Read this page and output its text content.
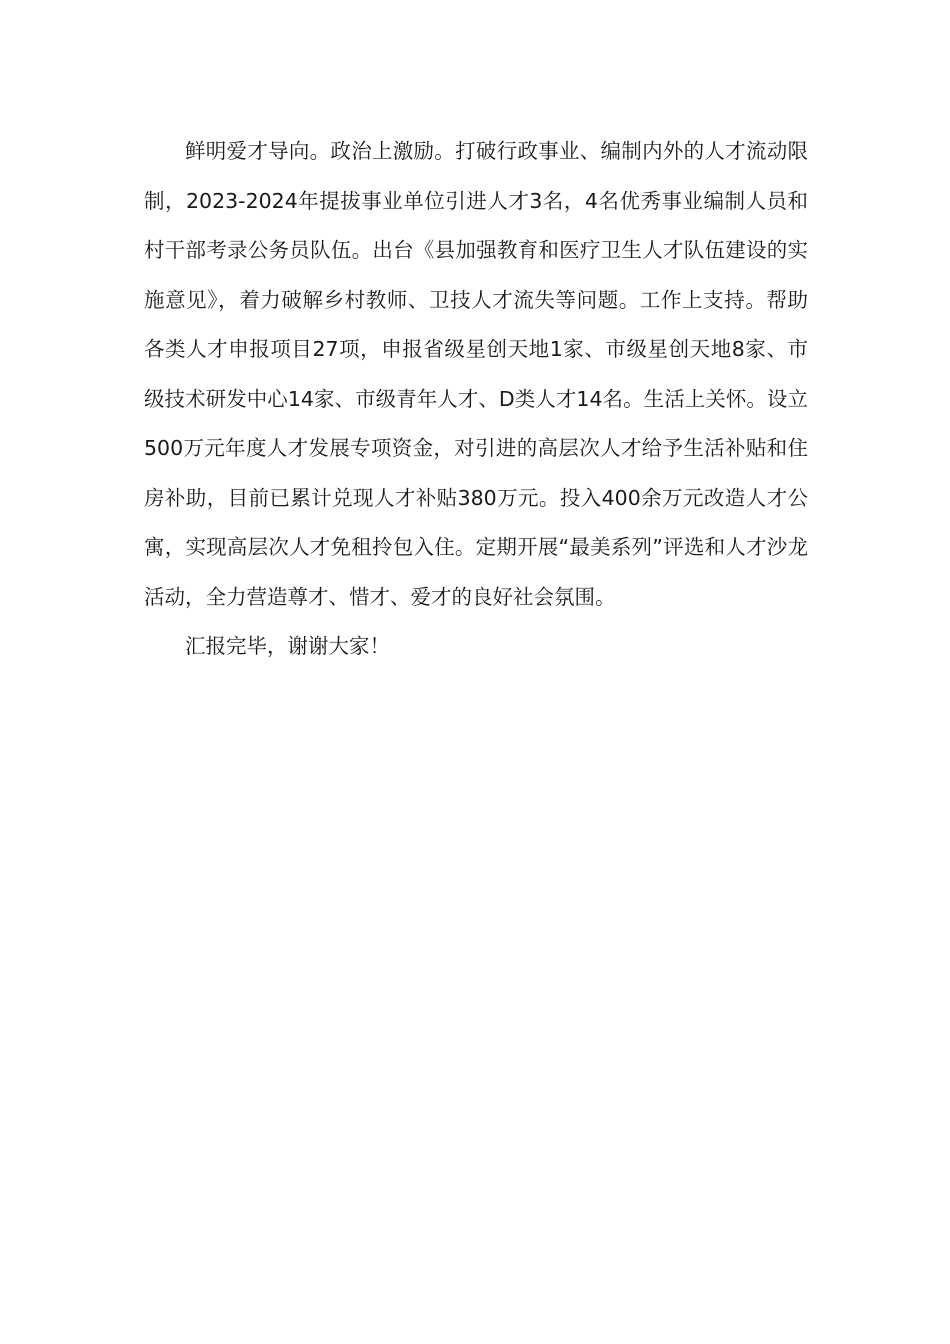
鲜明爱才导向。政治上激励。打破行政事业、编制内外的人才流动限制，2023-2024年提拔事业单位引进人才3名，4名优秀事业编制人员和村干部考录公务员队伍。出台《县加强教育和医疗卫生人才队伍建设的实施意见》，着力破解乡村教师、卫技人才流失等问题。工作上支持。帮助各类人才申报项目27项，申报省级星创天地1家、市级星创天地8家、市级技术研发中心14家、市级青年人才、D类人才14名。生活上关怀。设立500万元年度人才发展专项资金，对引进的高层次人才给予生活补贴和住房补助，目前已累计兑现人才补贴380万元。投入400余万元改造人才公寓，实现高层次人才免租拎包入住。定期开展“最美系列”评选和人才沙龙活动，全力营造尊才、惜才、爱才的良好社会氛围。

汇报完毕，谢谢大家！
